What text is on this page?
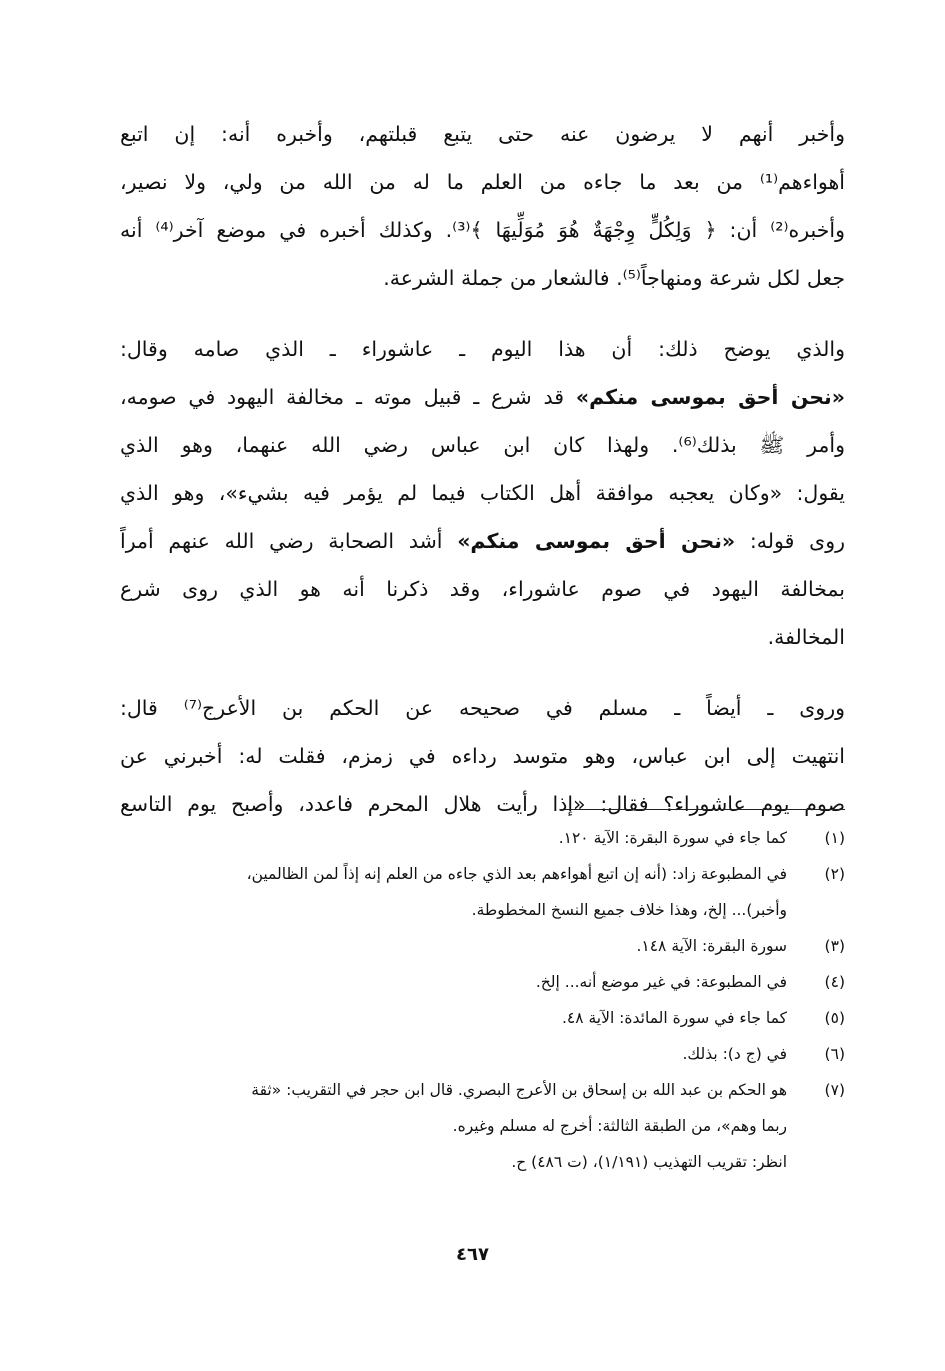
وأخبر أنهم لا يرضون عنه حتى يتبع قبلتهم، وأخبره أنه: إن اتبع
أهواءهم⁽¹⁾ من بعد ما جاءه من العلم ما له من الله من ولي، ولا نصير،
وأخبره⁽²⁾ أن: ﴿ وَلِكُلٍّ وِجْهَةٌ هُوَ مُوَلِّيهَا ﴾⁽³⁾. وكذلك أخبره في موضع آخر⁽⁴⁾ أنه
جعل لكل شرعة ومنهاجاً⁽⁵⁾. فالشعار من جملة الشرعة.

والذي يوضح ذلك: أن هذا اليوم ـ عاشوراء ـ الذي صامه وقال:
«نحن أحق بموسى منكم» قد شرع ـ قبيل موته ـ مخالفة اليهود في صومه،
وأمر ﷺ بذلك⁽⁶⁾. ولهذا كان ابن عباس رضي الله عنهما، وهو الذي
يقول: «وكان يعجبه موافقة أهل الكتاب فيما لم يؤمر فيه بشيء»، وهو الذي
روى قوله: «نحن أحق بموسى منكم» أشد الصحابة رضي الله عنهم أمراً
بمخالفة اليهود في صوم عاشوراء، وقد ذكرنا أنه هو الذي روى شرع
المخالفة.

وروى ـ أيضاً ـ مسلم في صحيحه عن الحكم بن الأعرج⁽⁷⁾ قال:
انتهيت إلى ابن عباس، وهو متوسد رداءه في زمزم، فقلت له: أخبرني عن
صوم يوم عاشوراء؟ فقال: «إذا رأيت هلال المحرم فاعدد، وأصبح يوم التاسع

(١)
كما جاء في سورة البقرة: الآية ١٢٠.
(٢)
في المطبوعة زاد: (أنه إن اتبع أهواءهم بعد الذي جاءه من العلم إنه إذاً لمن الظالمين،
وأخبر)... إلخ، وهذا خلاف جميع النسخ المخطوطة.
(٣)
سورة البقرة: الآية ١٤٨.
(٤)
في المطبوعة: في غير موضع أنه... إلخ.
(٥)
كما جاء في سورة المائدة: الآية ٤٨.
(٦)
في (ج د): بذلك.
(٧)
هو الحكم بن عبد الله بن إسحاق بن الأعرج البصري. قال ابن حجر في التقريب: «ثقة
ربما وهم»، من الطبقة الثالثة: أخرج له مسلم وغيره.
انظر: تقريب التهذيب (١/١٩١)، (ت ٤٨٦) ح.
٤٦٧
